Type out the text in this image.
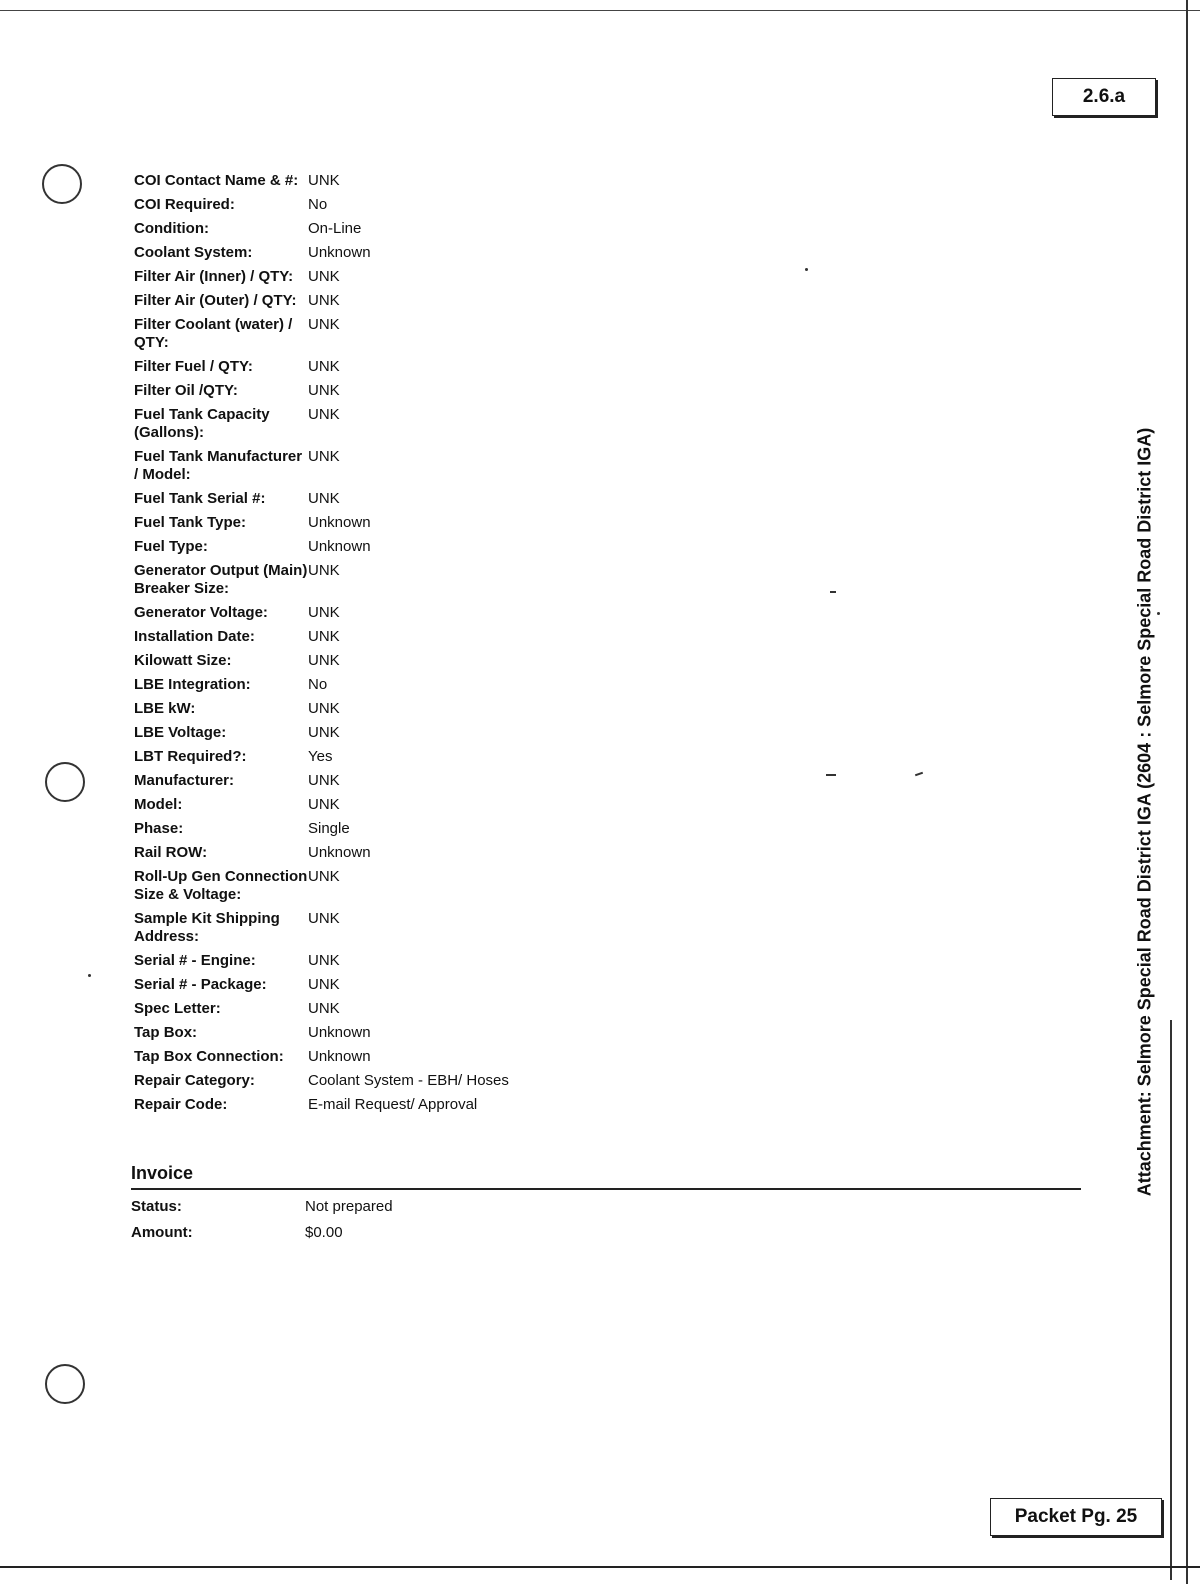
2.6.a
Attachment: Selmore Special Road District IGA (2604 : Selmore Special Road District IGA)
COI Contact Name & #: UNK
COI Required:	No
Condition:	On-Line
Coolant System:	Unknown
Filter Air (Inner) / QTY: UNK
Filter Air (Outer) / QTY: UNK
Filter Coolant (water) / QTY:
UNK
Filter Fuel / QTY:	UNK
Filter Oil /QTY:	UNK
Fuel Tank Capacity (Gallons):
UNK
Fuel Tank Manufacturer / Model:
UNK
Fuel Tank Serial #:	UNK
Fuel Tank Type:	Unknown
Fuel Type:	Unknown
Generator Output (Main) Breaker Size:
UNK
Generator Voltage:	UNK
Installation Date:	UNK
Kilowatt Size:	UNK
LBE Integration:	No
LBE kW:	UNK
LBE Voltage:	UNK
LBT Required?:	Yes
Manufacturer:	UNK
Model:	UNK
Phase:	Single
Rail ROW:	Unknown
Roll-Up Gen Connection Size & Voltage:
UNK
Sample Kit Shipping Address:
UNK
Serial # - Engine:	UNK
Serial # - Package:	UNK
Spec Letter:	UNK
Tap Box:	Unknown
Tap Box Connection:	Unknown
Repair Category:	Coolant System - EBH/ Hoses
Repair Code:	E-mail Request/ Approval
Invoice
Status:	Not prepared
Amount:	$0.00
Packet Pg. 25
